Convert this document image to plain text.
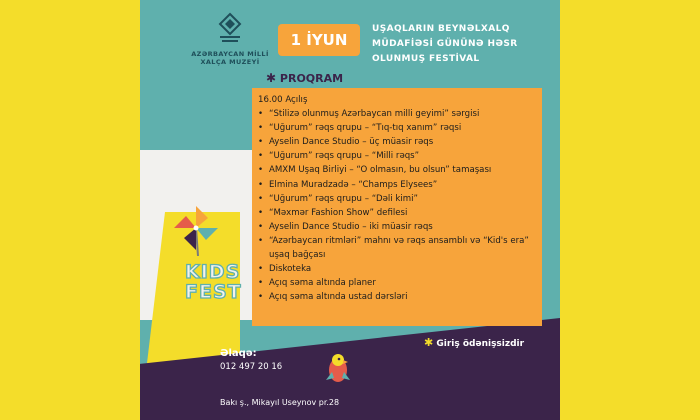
AZƏRBAYCAN MİLLİ
XALÇA MUZEYİ
1 İYUN
UŞAQLARIN BEYNƏLXALQ
MÜDAFİƏSİ GÜNÜNƏ HƏSR
OLUNMUŞ FESTİVAL
✱ PROQRAM
16.00 Açılış
• “Stilizə olunmuş Azərbaycan milli geyimi” sərgisi
• “Uğurum” rəqs qrupu – “Tıq-tıq xanım” rəqsi
• Ayselin Dance Studio – üç müasir rəqs
• “Uğurum” rəqs qrupu – “Milli rəqs”
• AMXM Uşaq Birliyi – “O olmasın, bu olsun” tamaşası
• Elmina Muradzadə – “Champs Elysees”
• “Uğurum” rəqs qrupu – “Dəli kimi”
• “Məxmər Fashion Show” defilesi
• Ayselin Dance Studio – iki müasir rəqs
• “Azərbaycan ritmləri” mahnı və rəqs ansamblı və “Kid's era” uşaq bağçası
• Diskoteka
• Açıq səma altında planer
• Açıq səma altında ustad dərsləri
KIDS
FEST
✱ Giriş ödənişsizdir
Əlaqə:
012 497 20 16
Bakı ş., Mikayıl Useynov pr.28
